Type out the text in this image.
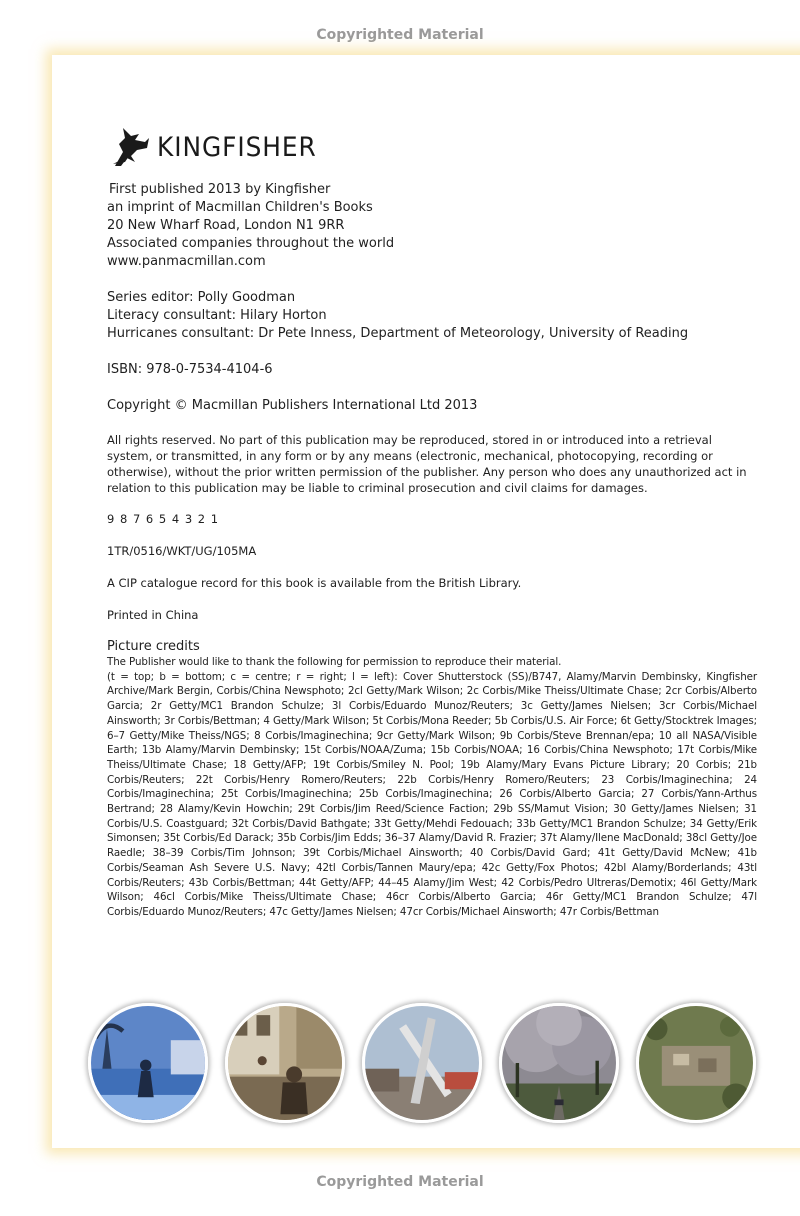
Copyrighted Material
KINGFISHER
First published 2013 by Kingfisher
an imprint of Macmillan Children's Books
20 New Wharf Road, London N1 9RR
Associated companies throughout the world
www.panmacmillan.com
Series editor: Polly Goodman
Literacy consultant: Hilary Horton
Hurricanes consultant: Dr Pete Inness, Department of Meteorology, University of Reading
ISBN: 978-0-7534-4104-6
Copyright © Macmillan Publishers International Ltd 2013
All rights reserved. No part of this publication may be reproduced, stored in or introduced into a retrieval system, or transmitted, in any form or by any means (electronic, mechanical, photocopying, recording or otherwise), without the prior written permission of the publisher. Any person who does any unauthorized act in relation to this publication may be liable to criminal prosecution and civil claims for damages.
9 8 7 6 5 4 3 2 1
1TR/0516/WKT/UG/105MA
A CIP catalogue record for this book is available from the British Library.
Printed in China
Picture credits
The Publisher would like to thank the following for permission to reproduce their material.
(t = top; b = bottom; c = centre; r = right; l = left): Cover Shutterstock (SS)/B747, Alamy/Marvin Dembinsky, Kingfisher Archive/Mark Bergin, Corbis/China Newsphoto; 2cl Getty/Mark Wilson; 2c Corbis/Mike Theiss/Ultimate Chase; 2cr Corbis/Alberto Garcia; 2r Getty/MC1 Brandon Schulze; 3l Corbis/Eduardo Munoz/Reuters; 3c Getty/James Nielsen; 3cr Corbis/Michael Ainsworth; 3r Corbis/Bettman; 4 Getty/Mark Wilson; 5t Corbis/Mona Reeder; 5b Corbis/U.S. Air Force; 6t Getty/Stocktrek Images; 6–7 Getty/Mike Theiss/NGS; 8 Corbis/Imaginechina; 9cr Getty/Mark Wilson; 9b Corbis/Steve Brennan/epa; 10 all NASA/Visible Earth; 13b Alamy/Marvin Dembinsky; 15t Corbis/NOAA/Zuma; 15b Corbis/NOAA; 16 Corbis/China Newsphoto; 17t Corbis/Mike Theiss/Ultimate Chase; 18 Getty/AFP; 19t Corbis/Smiley N. Pool; 19b Alamy/Mary Evans Picture Library; 20 Corbis; 21b Corbis/Reuters; 22t Corbis/Henry Romero/Reuters; 22b Corbis/Henry Romero/Reuters; 23 Corbis/Imaginechina; 24 Corbis/Imaginechina; 25t Corbis/Imaginechina; 25b Corbis/Imaginechina; 26 Corbis/Alberto Garcia; 27 Corbis/Yann-Arthus Bertrand; 28 Alamy/Kevin Howchin; 29t Corbis/Jim Reed/Science Faction; 29b SS/Mamut Vision; 30 Getty/James Nielsen; 31 Corbis/U.S. Coastguard; 32t Corbis/David Bathgate; 33t Getty/Mehdi Fedouach; 33b Getty/MC1 Brandon Schulze; 34 Getty/Erik Simonsen; 35t Corbis/Ed Darack; 35b Corbis/Jim Edds; 36–37 Alamy/David R. Frazier; 37t Alamy/Ilene MacDonald; 38cl Getty/Joe Raedle; 38–39 Corbis/Tim Johnson; 39t Corbis/Michael Ainsworth; 40 Corbis/David Gard; 41t Getty/David McNew; 41b Corbis/Seaman Ash Severe U.S. Navy; 42tl Corbis/Tannen Maury/epa; 42c Getty/Fox Photos; 42bl Alamy/Borderlands; 43tl Corbis/Reuters; 43b Corbis/Bettman; 44t Getty/AFP; 44–45 Alamy/Jim West; 42 Corbis/Pedro Ultreras/Demotix; 46l Getty/Mark Wilson; 46cl Corbis/Mike Theiss/Ultimate Chase; 46cr Corbis/Alberto Garcia; 46r Getty/MC1 Brandon Schulze; 47l Corbis/Eduardo Munoz/Reuters; 47c Getty/James Nielsen; 47cr Corbis/Michael Ainsworth; 47r Corbis/Bettman
Copyrighted Material
